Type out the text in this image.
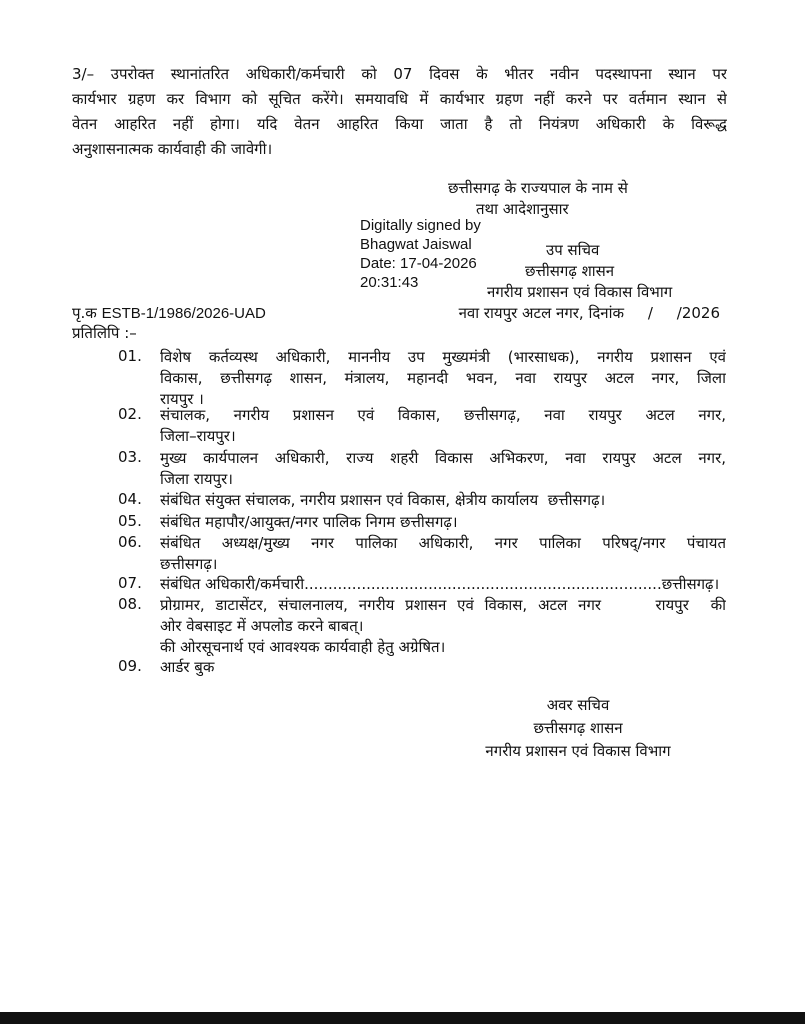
3/– उपरोक्त स्थानांतरित अधिकारी/कर्मचारी को 07 दिवस के भीतर नवीन पदस्थापना स्थान पर
कार्यभार ग्रहण कर विभाग को सूचित करेंगे। समयावधि में कार्यभार ग्रहण नहीं करने पर वर्तमान स्थान से
वेतन आहरित नहीं होगा। यदि वेतन आहरित किया जाता है तो नियंत्रण अधिकारी के विरूद्ध
अनुशासनात्मक कार्यवाही की जावेगी।
छत्तीसगढ़ के राज्यपाल के नाम से
तथा आदेशानुसार
Digitally signed by
Bhagwat Jaiswal
Date: 17-04-2026
20:31:43
उप सचिव
छत्तीसगढ़ शासन
नगरीय प्रशासन एवं विकास विभाग
पृ.क ESTB-1/1986/2026-UAD	नवा रायपुर अटल नगर, दिनांक     /     /2026
प्रतिलिपि :–
01.	विशेष कर्तव्यस्थ अधिकारी, माननीय उप मुख्यमंत्री (भारसाधक), नगरीय प्रशासन एवं
विकास, छत्तीसगढ़ शासन, मंत्रालय, महानदी भवन, नवा रायपुर अटल नगर, जिला
रायपुर ।
02.	संचालक, नगरीय प्रशासन एवं विकास, छत्तीसगढ़, नवा रायपुर अटल नगर,
जिला–रायपुर।
03.	मुख्य कार्यपालन अधिकारी, राज्य शहरी विकास अभिकरण, नवा रायपुर अटल नगर,
जिला रायपुर।
04.	संबंधित संयुक्त संचालक, नगरीय प्रशासन एवं विकास, क्षेत्रीय कार्यालय  छत्तीसगढ़।
05.	संबंधित महापौर/आयुक्त/नगर पालिक निगम छत्तीसगढ़।
06.	संबंधित अध्यक्ष/मुख्य नगर पालिका अधिकारी, नगर पालिका परिषद्/नगर पंचायत
छत्तीसगढ़।
07.	संबंधित अधिकारी/कर्मचारी...........................................................................छत्तीसगढ़।
08.	प्रोग्रामर, डाटासेंटर, संचालनालय, नगरीय प्रशासन एवं विकास, अटल नगर     रायपुर  की
ओर वेबसाइट में अपलोड करने बाबत्।
की ओरसूचनार्थ एवं आवश्यक कार्यवाही हेतु अग्रेषित।
09.	आर्डर बुक
अवर सचिव
छत्तीसगढ़ शासन
नगरीय प्रशासन एवं विकास विभाग
